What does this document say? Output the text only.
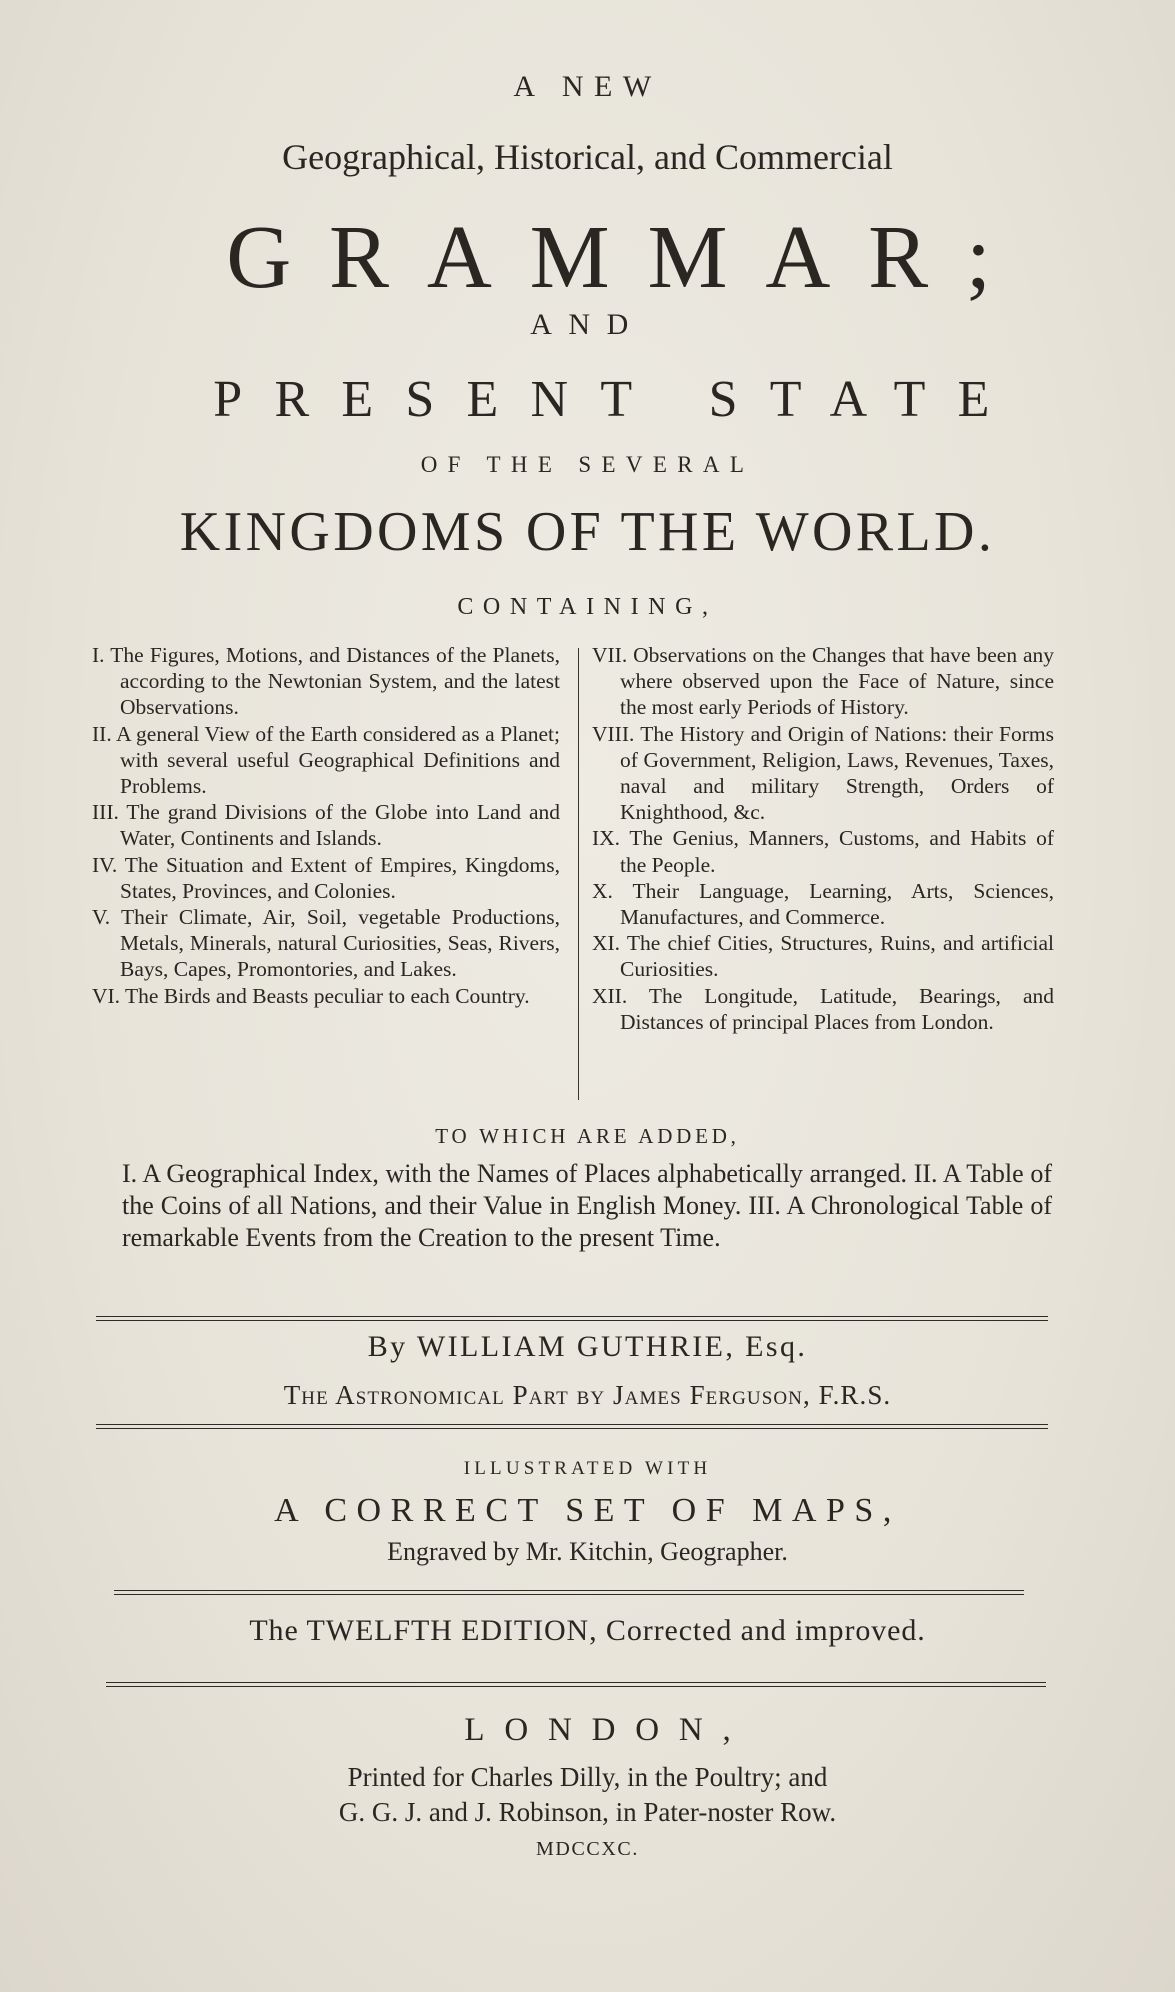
A NEW
Geographical, Historical, and Commercial
GRAMMAR;
AND
PRESENT STATE
OF THE SEVERAL
KINGDOMS OF THE WORLD.
CONTAINING,
I. The Figures, Motions, and Distances of the Planets, according to the Newtonian System, and the latest Observations.
II. A general View of the Earth considered as a Planet; with several useful Geographical Definitions and Problems.
III. The grand Divisions of the Globe into Land and Water, Continents and Islands.
IV. The Situation and Extent of Empires, Kingdoms, States, Provinces, and Colonies.
V. Their Climate, Air, Soil, vegetable Productions, Metals, Minerals, natural Curiosities, Seas, Rivers, Bays, Capes, Promontories, and Lakes.
VI. The Birds and Beasts peculiar to each Country.
VII. Observations on the Changes that have been any where observed upon the Face of Nature, since the most early Periods of History.
VIII. The History and Origin of Nations: their Forms of Government, Religion, Laws, Revenues, Taxes, naval and military Strength, Orders of Knighthood, &c.
IX. The Genius, Manners, Customs, and Habits of the People.
X. Their Language, Learning, Arts, Sciences, Manufactures, and Commerce.
XI. The chief Cities, Structures, Ruins, and artificial Curiosities.
XII. The Longitude, Latitude, Bearings, and Distances of principal Places from London.
TO WHICH ARE ADDED,
I. A Geographical Index, with the Names of Places alphabetically arranged. II. A Table of the Coins of all Nations, and their Value in English Money. III. A Chronological Table of remarkable Events from the Creation to the present Time.
By WILLIAM GUTHRIE, Esq.
The Astronomical Part by James Ferguson, F.R.S.
ILLUSTRATED WITH
A CORRECT SET OF MAPS,
Engraved by Mr. Kitchin, Geographer.
The TWELFTH EDITION, Corrected and improved.
LONDON,
Printed for Charles Dilly, in the Poultry; and
G. G. J. and J. Robinson, in Pater-noster Row.
MDCCXC.
